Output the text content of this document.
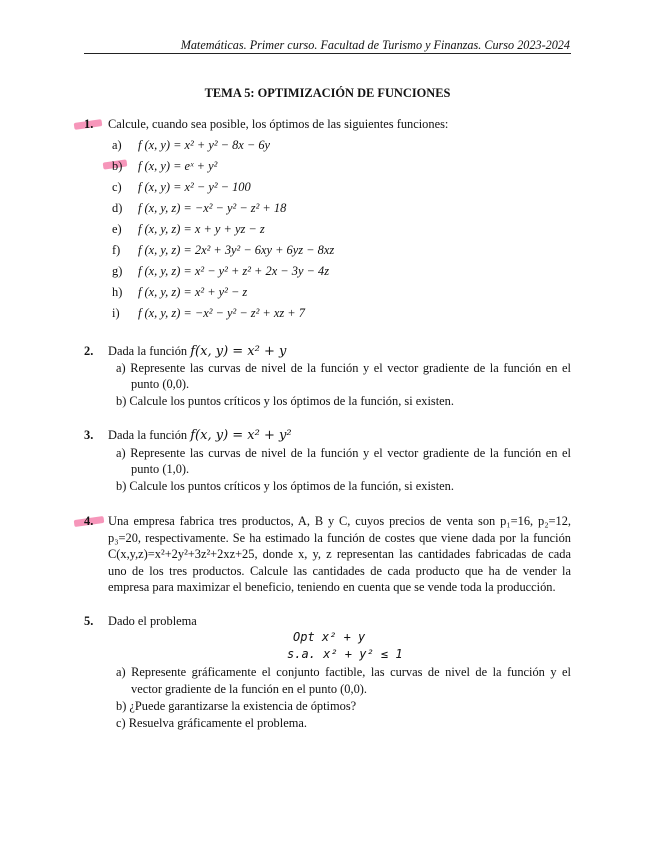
Matemáticas. Primer curso. Facultad de Turismo y Finanzas. Curso 2023-2024
TEMA 5: OPTIMIZACIÓN DE FUNCIONES
1. Calcule, cuando sea posible, los óptimos de las siguientes funciones:
a) f (x, y) = x² + y² − 8x − 6y
b) f (x, y) = eˣ + y²
c) f (x, y) = x² − y² − 100
d) f (x, y, z) = −x² − y² − z² + 18
e) f (x, y, z) = x + y + yz − z
f) f (x, y, z) = 2x² + 3y² − 6xy + 6yz − 8xz
g) f (x, y, z) = x² − y² + z² + 2x − 3y − 4z
h) f (x, y, z) = x² + y² − z
i) f (x, y, z) = −x² − y² − z² + xz + 7
2. Dada la función f(x, y) = x² + y
a) Represente las curvas de nivel de la función y el vector gradiente de la función en el
punto (0,0).
b) Calcule los puntos críticos y los óptimos de la función, si existen.
3. Dada la función f(x, y) = x² + y²
a) Represente las curvas de nivel de la función y el vector gradiente de la función en el
punto (1,0).
b) Calcule los puntos críticos y los óptimos de la función, si existen.
4. Una empresa fabrica tres productos, A, B y C, cuyos precios de venta son p₁=16, p₂=12,
p₃=20, respectivamente. Se ha estimado la función de costes que viene dada por la función
C(x,y,z)=x²+2y²+3z²+2xz+25, donde x, y, z representan las cantidades fabricadas de cada
uno de los tres productos. Calcule las cantidades de cada producto que ha de vender la
empresa para maximizar el beneficio, teniendo en cuenta que se vende toda la producción.
5. Dado el problema
Opt x² + y
s.a. x² + y² ≤ 1
a) Represente gráficamente el conjunto factible, las curvas de nivel de la función y el
vector gradiente de la función en el punto (0,0).
b) ¿Puede garantizarse la existencia de óptimos?
c) Resuelva gráficamente el problema.
